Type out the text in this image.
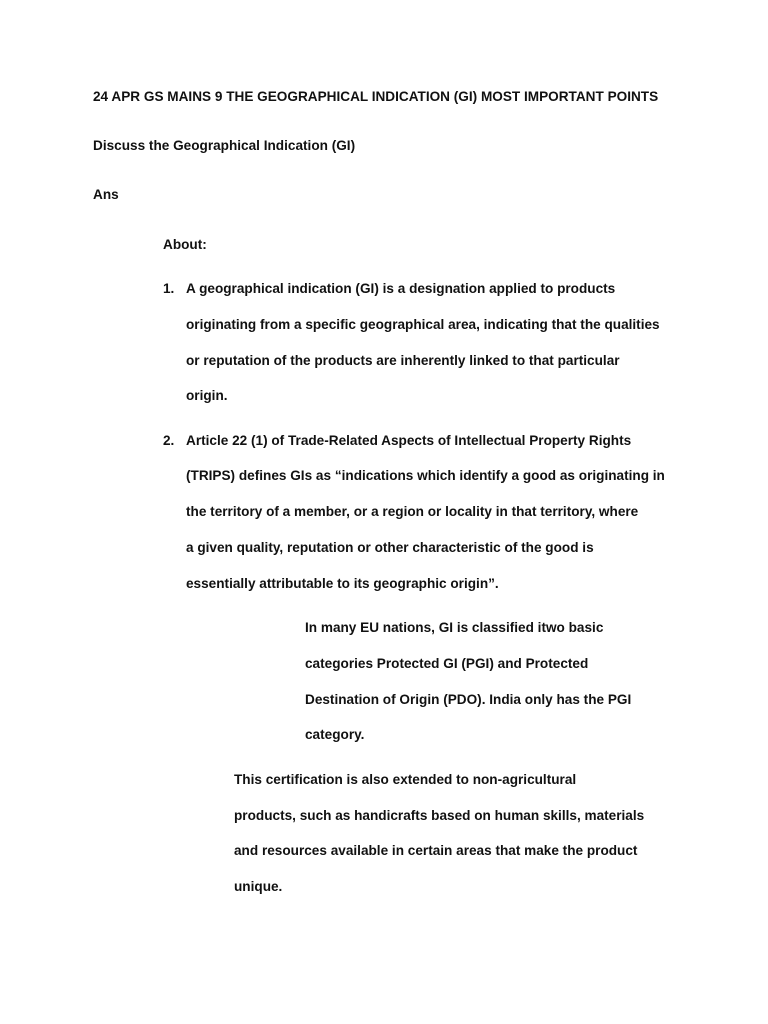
24 APR GS MAINS 9 THE GEOGRAPHICAL INDICATION (GI) MOST IMPORTANT POINTS
Discuss the Geographical Indication (GI)
Ans
About:
1. A geographical indication (GI) is a designation applied to products
originating from a specific geographical area, indicating that the qualities
or reputation of the products are inherently linked to that particular
origin.
2. Article 22 (1) of Trade-Related Aspects of Intellectual Property Rights
(TRIPS) defines GIs as “indications which identify a good as originating in
the territory of a member, or a region or locality in that territory, where
a given quality, reputation or other characteristic of the good is
essentially attributable to its geographic origin”.
In many EU nations, GI is classified itwo basic
categories Protected GI (PGI) and Protected
Destination of Origin (PDO). India only has the PGI
category.
This certification is also extended to non-agricultural
products, such as handicrafts based on human skills, materials
and resources available in certain areas that make the product
unique.
